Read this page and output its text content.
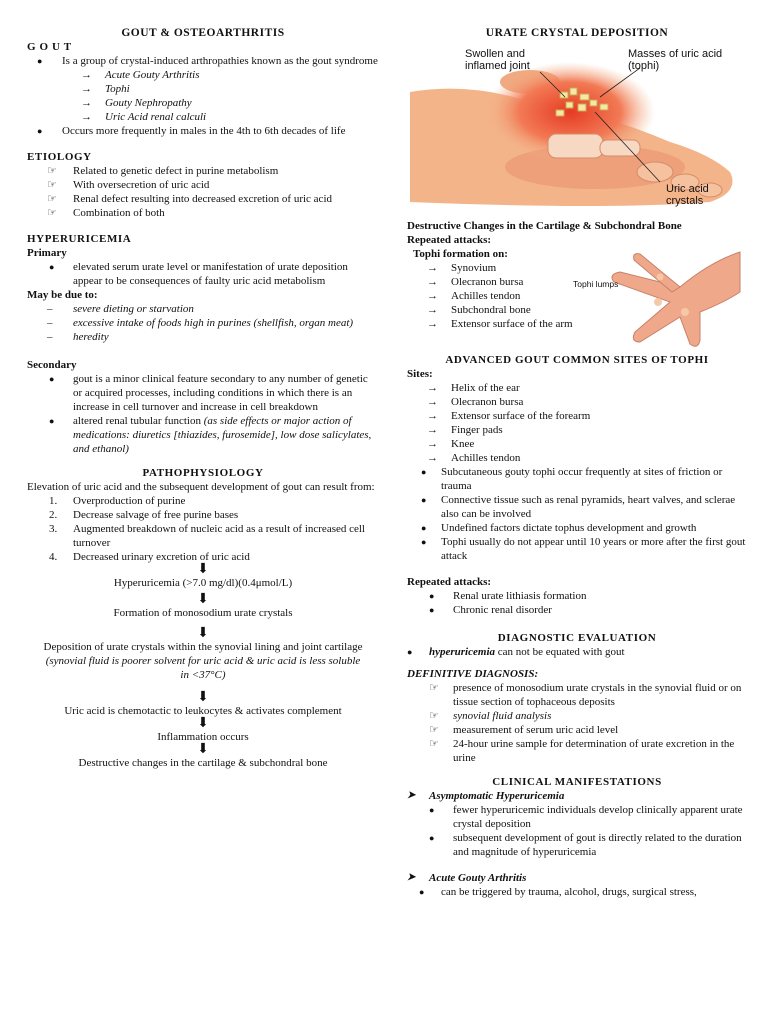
GOUT & OSTEOARTHRITIS

G O U T

● Is a group of crystal-induced arthropathies known as the gout syndrome
→ Acute Gouty Arthritis
→ Tophi
→ Gouty Nephropathy
→ Uric Acid renal calculi
● Occurs more frequently in males in the 4th to 6th decades of life

ETIOLOGY

☞ Related to genetic defect in purine metabolism
☞ With oversecretion of uric acid
☞ Renal defect resulting into decreased excretion of uric acid
☞ Combination of both

HYPERURICEMIA

Primary

● elevated serum urate level or manifestation of urate deposition appear to be consequences of faulty uric acid metabolism

May be due to:

– severe dieting or starvation
– excessive intake of foods high in purines (shellfish, organ meat)
– heredity

Secondary

● gout is a minor clinical feature secondary to any number of genetic or acquired processes, including conditions in which there is an increase in cell turnover and increase in cell breakdown
● altered renal tubular function (as side effects or major action of medications: diuretics [thiazides, furosemide], low dose salicylates, and ethanol)

PATHOPHYSIOLOGY

Elevation of uric acid and the subsequent development of gout can result from:

1. Overproduction of purine
2. Decrease salvage of free purine bases
3. Augmented breakdown of nucleic acid as a result of increased cell turnover
4. Decreased urinary excretion of uric acid
⬇

Hyperuricemia (>7.0 mg/dl)(0.4μmol/L)

⬇

Formation of monosodium urate crystals

⬇

Deposition of urate crystals within the synovial lining and joint cartilage

(synovial fluid is poorer solvent for uric acid & uric acid is less soluble in <37°C)

⬇

Uric acid is chemotactic to leukocytes & activates complement

⬇

Inflammation occurs

⬇

Destructive changes in the cartilage & subchondral bone

URATE CRYSTAL DEPOSITION
Swollen and inflamed joint
Masses of uric acid (tophi)
Uric acid crystals
Tophi lumps

Destructive Changes in the Cartilage & Subchondral Bone

Repeated attacks:

Tophi formation on:

→ Synovium
→ Olecranon bursa
→ Achilles tendon
→ Subchondral bone
→ Extensor surface of the arm

ADVANCED GOUT COMMON SITES OF TOPHI

Sites:

→ Helix of the ear
→ Olecranon bursa
→ Extensor surface of the forearm
→ Finger pads
→ Knee
→ Achilles tendon
● Subcutaneous gouty tophi occur frequently at sites of friction or trauma
● Connective tissue such as renal pyramids, heart valves, and sclerae also can be involved
● Undefined factors dictate tophus development and growth
● Tophi usually do not appear until 10 years or more after the first gout attack

Repeated attacks:

● Renal urate lithiasis formation
● Chronic renal disorder

DIAGNOSTIC EVALUATION

● hyperuricemia can not be equated with gout

DEFINITIVE DIAGNOSIS:

☞ presence of monosodium urate crystals in the synovial fluid or on tissue section of tophaceous deposits
☞ synovial fluid analysis
☞ measurement of serum uric acid level
☞ 24-hour urine sample for determination of urate excretion in the urine

CLINICAL MANIFESTATIONS

➤ Asymptomatic Hyperuricemia
● fewer hyperuricemic individuals develop clinically apparent urate crystal deposition
● subsequent development of gout is directly related to the duration and magnitude of hyperuricemia
➤ Acute Gouty Arthritis
● can be triggered by trauma, alcohol, drugs, surgical stress,
